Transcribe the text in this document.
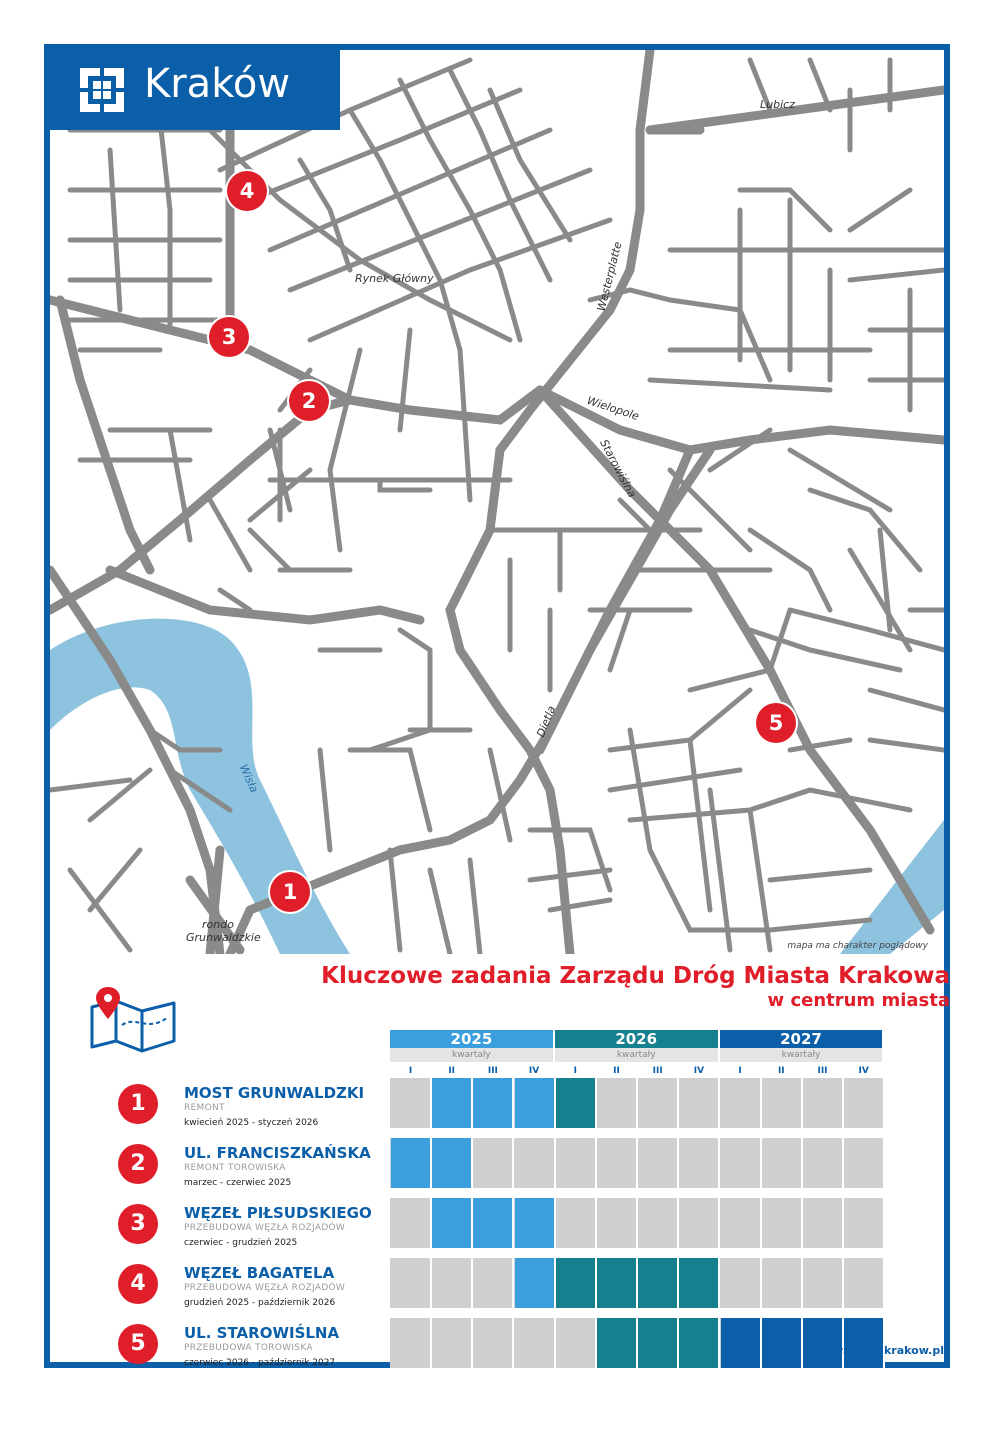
Lubicz
Rynek Główny	Westerplatte
Wielopole
Starowiślna
Dietla
Wisła
rondo
Grunwaldzkie
mapa ma charakter poglądowy
1
2
3
4
5
Kraków
Kluczowe zadania Zarządu Dróg Miasta Krakowa
w centrum miasta
2025
kwartały
I	II	III	IV
2026
kwartały
I	II	III	IV
2027
kwartały
I	II	III	IV
1	MOST GRUNWALDZKI
REMONT
kwiecień 2025 - styczeń 2026
2	UL. FRANCISZKAŃSKA
REMONT TOROWISKA
marzec - czerwiec 2025
3	WĘZEŁ PIŁSUDSKIEGO
PRZEBUDOWA WĘZŁA ROZJADÓW
czerwiec - grudzień 2025
4	WĘZEŁ BAGATELA
PRZEBUDOWA WĘZŁA ROZJADÓW
grudzień 2025 - październik 2026
5	UL. STAROWIŚLNA
PRZEBUDOWA TOROWISKA
czerwiec 2026 - październik 2027
www.zdmk.krakow.pl
